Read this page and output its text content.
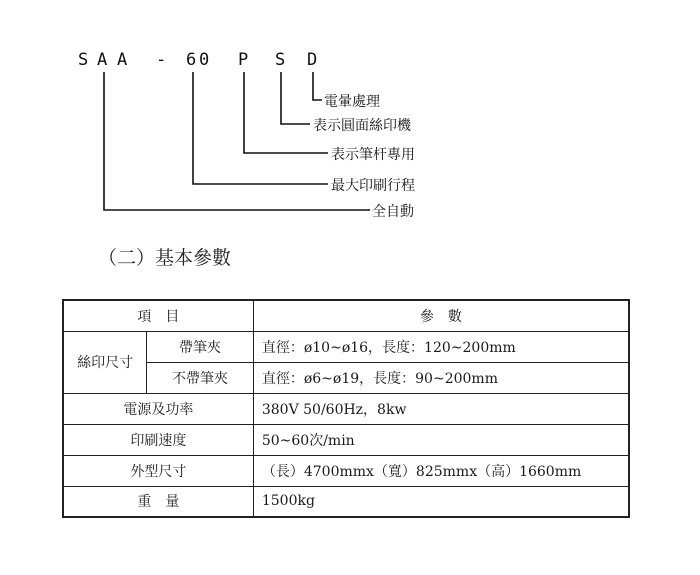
S A A - 6 0 P S D
電暈處理
表示圓面絲印機
表示筆杆專用
最大印刷行程
全自動
（二）基本參數
項　目		參　數
絲印尺寸	帶筆夾	直徑：ø10~ø16，長度：120~200mm
	不帶筆夾	直徑：ø6~ø19，長度：90~200mm
電源及功率		380V 50/60Hz，8kw
印刷速度		50~60次/min
外型尺寸		（長）4700mmx（寬）825mmx（高）1660mm
重　量		1500kg
